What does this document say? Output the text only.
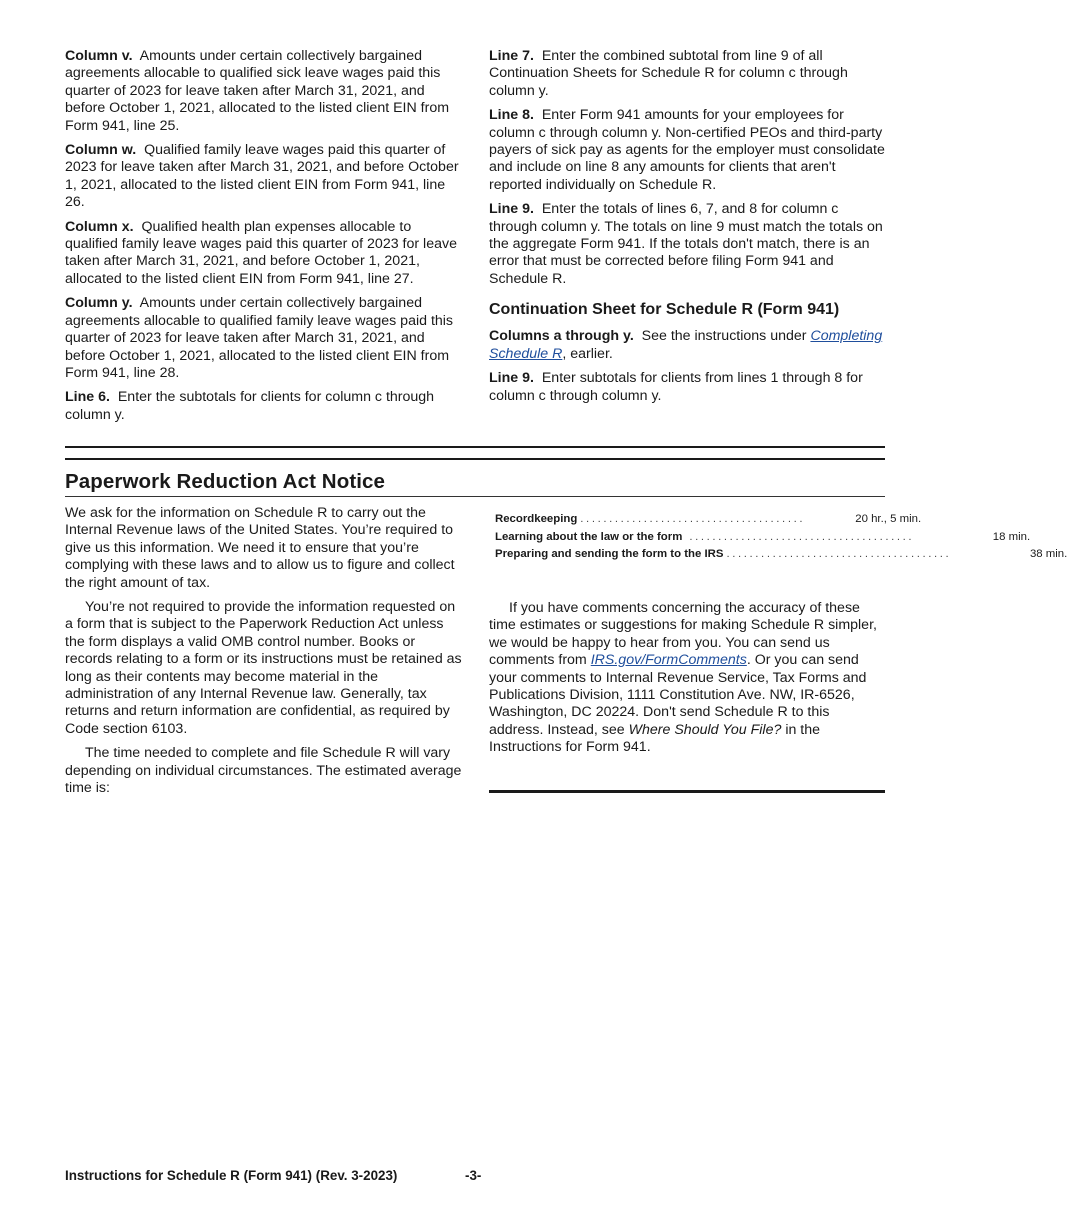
Column v. Amounts under certain collectively bargained agreements allocable to qualified sick leave wages paid this quarter of 2023 for leave taken after March 31, 2021, and before October 1, 2021, allocated to the listed client EIN from Form 941, line 25.

Column w. Qualified family leave wages paid this quarter of 2023 for leave taken after March 31, 2021, and before October 1, 2021, allocated to the listed client EIN from Form 941, line 26.

Column x. Qualified health plan expenses allocable to qualified family leave wages paid this quarter of 2023 for leave taken after March 31, 2021, and before October 1, 2021, allocated to the listed client EIN from Form 941, line 27.

Column y. Amounts under certain collectively bargained agreements allocable to qualified family leave wages paid this quarter of 2023 for leave taken after March 31, 2021, and before October 1, 2021, allocated to the listed client EIN from Form 941, line 28.

Line 6. Enter the subtotals for clients for column c through column y.

Line 7. Enter the combined subtotal from line 9 of all Continuation Sheets for Schedule R for column c through column y.

Line 8. Enter Form 941 amounts for your employees for column c through column y. Non-certified PEOs and third-party payers of sick pay as agents for the employer must consolidate and include on line 8 any amounts for clients that aren't reported individually on Schedule R.

Line 9. Enter the totals of lines 6, 7, and 8 for column c through column y. The totals on line 9 must match the totals on the aggregate Form 941. If the totals don't match, there is an error that must be corrected before filing Form 941 and Schedule R.

Continuation Sheet for Schedule R (Form 941)

Columns a through y. See the instructions under Completing Schedule R, earlier.

Line 9. Enter subtotals for clients from lines 1 through 8 for column c through column y.

Paperwork Reduction Act Notice

We ask for the information on Schedule R to carry out the Internal Revenue laws of the United States. You’re required to give us this information. We need it to ensure that you’re complying with these laws and to allow us to figure and collect the right amount of tax.

You’re not required to provide the information requested on a form that is subject to the Paperwork Reduction Act unless the form displays a valid OMB control number. Books or records relating to a form or its instructions must be retained as long as their contents may become material in the administration of any Internal Revenue law. Generally, tax returns and return information are confidential, as required by Code section 6103.

The time needed to complete and file Schedule R will vary depending on individual circumstances. The estimated average time is:

Recordkeeping .......................................	20 hr., 5 min.
Learning about the law or the form .......................................	18 min.
Preparing and sending the form to the IRS .......................................	38 min.

If you have comments concerning the accuracy of these time estimates or suggestions for making Schedule R simpler, we would be happy to hear from you. You can send us comments from IRS.gov/FormComments. Or you can send your comments to Internal Revenue Service, Tax Forms and Publications Division, 1111 Constitution Ave. NW, IR-6526, Washington, DC 20224. Don't send Schedule R to this address. Instead, see Where Should You File? in the Instructions for Form 941.

Instructions for Schedule R (Form 941) (Rev. 3-2023)	-3-
